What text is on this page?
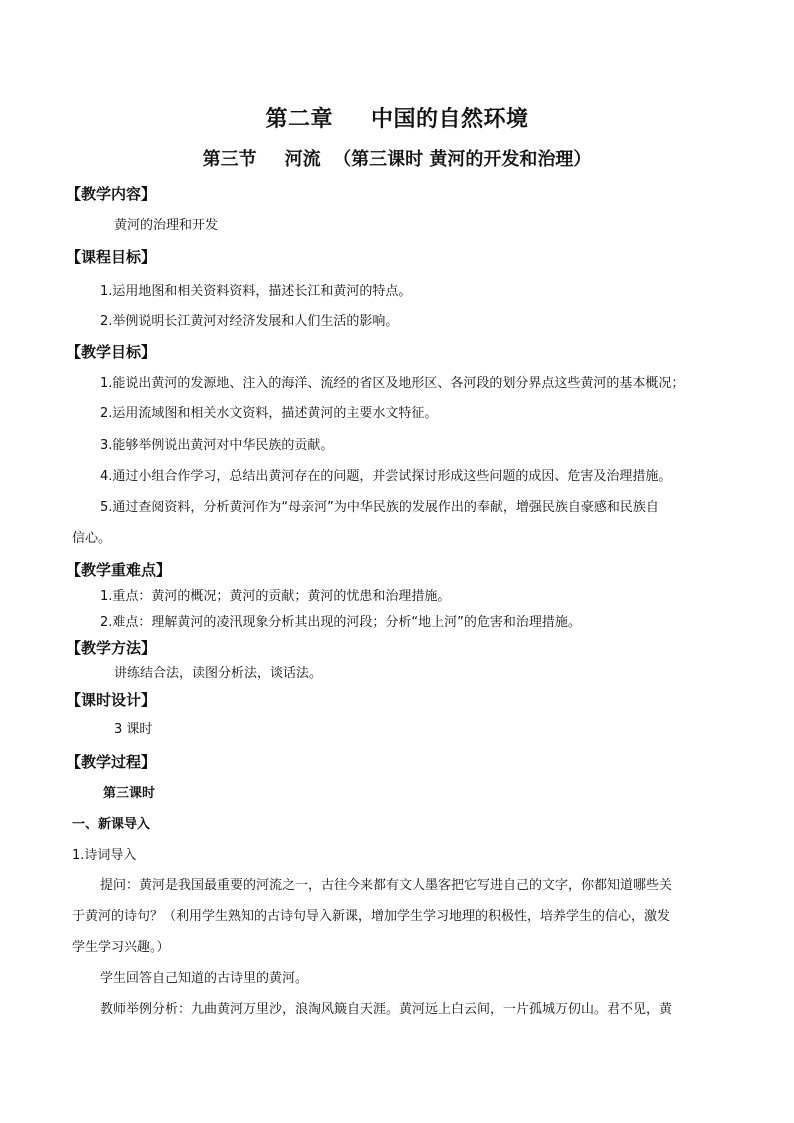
第二章 中国的自然环境
第三节 河流 （第三课时 黄河的开发和治理）
【教学内容】
黄河的治理和开发
【课程目标】
1.运用地图和相关资料资料，描述长江和黄河的特点。
2.举例说明长江黄河对经济发展和人们生活的影响。
【教学目标】
1.能说出黄河的发源地、注入的海洋、流经的省区及地形区、各河段的划分界点这些黄河的基本概况；
2.运用流域图和相关水文资料，描述黄河的主要水文特征。
3.能够举例说出黄河对中华民族的贡献。
4.通过小组合作学习，总结出黄河存在的问题，并尝试探讨形成这些问题的成因、危害及治理措施。
5.通过查阅资料，分析黄河作为“母亲河”为中华民族的发展作出的奉献，增强民族自豪感和民族自
信心。
【教学重难点】
1.重点：黄河的概况；黄河的贡献；黄河的忧患和治理措施。
2.难点：理解黄河的凌汛现象分析其出现的河段；分析“地上河”的危害和治理措施。
【教学方法】
讲练结合法，读图分析法，谈话法。
【课时设计】
3 课时
【教学过程】
第三课时
一、新课导入
1.诗词导入
提问：黄河是我国最重要的河流之一，古往今来都有文人墨客把它写进自己的文字，你都知道哪些关
于黄河的诗句？（利用学生熟知的古诗句导入新课，增加学生学习地理的积极性，培养学生的信心，激发
学生学习兴趣。）
学生回答自己知道的古诗里的黄河。
教师举例分析：九曲黄河万里沙，浪淘风簸自天涯。黄河远上白云间，一片孤城万仞山。君不见，黄
